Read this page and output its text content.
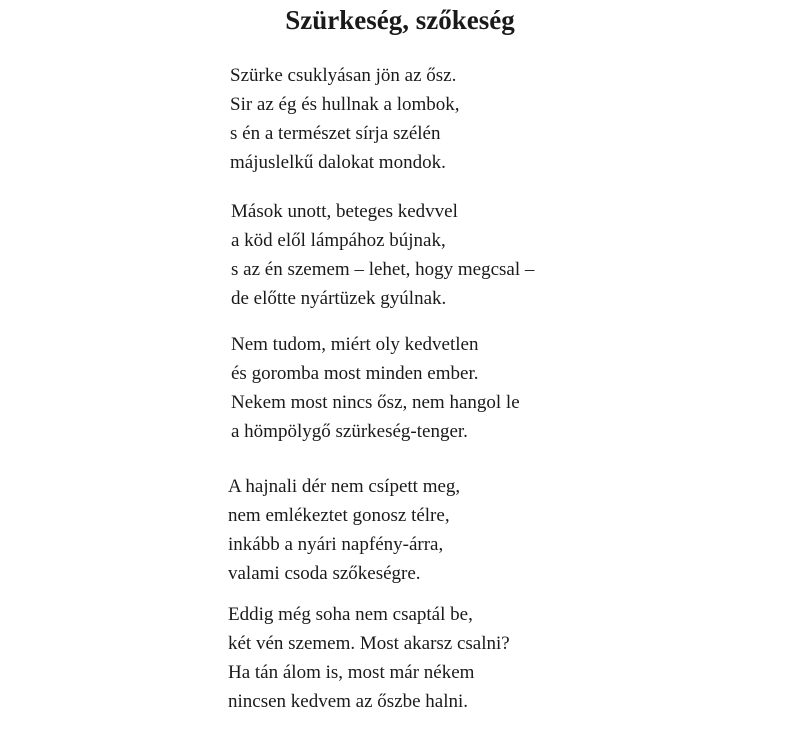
Szürkeség, szőkeség

Szürke csuklyásan jön az ősz.
Sir az ég és hullnak a lombok,
s én a természet sírja szélén
májuslelkű dalokat mondok.

Mások unott, beteges kedvvel
a köd elől lámpához bújnak,
s az én szemem – lehet, hogy megcsal –
de előtte nyártüzek gyúlnak.

Nem tudom, miért oly kedvetlen
és goromba most minden ember.
Nekem most nincs ősz, nem hangol le
a hömpölygő szürkeség-tenger.

A hajnali dér nem csípett meg,
nem emlékeztet gonosz télre,
inkább a nyári napfény-árra,
valami csoda szőkeségre.

Eddig még soha nem csaptál be,
két vén szemem. Most akarsz csalni?
Ha tán álom is, most már nékem
nincsen kedvem az őszbe halni.
